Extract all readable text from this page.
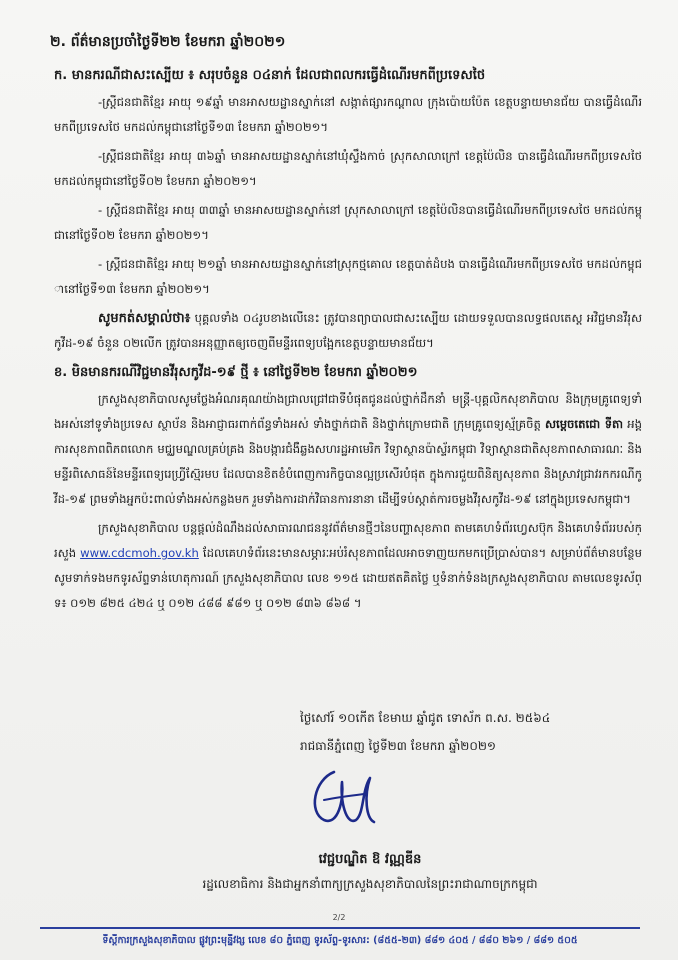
២. ព័ត៌មានប្រចាំថ្ងៃទី២២ ខែមករា ឆ្នាំ២០២១
ក. មានករណីជាសះស្បើយ ៖ សរុបចំនួន ០៤នាក់ ដែលជាពលករធ្វើដំណើរមកពីប្រទេសថៃ
-ស្ត្រីជនជាតិខ្មែរ អាយុ ១៩ឆ្នាំ មានអាសយដ្ឋានស្នាក់នៅ សង្កាត់ផ្សារកណ្តាល ក្រុងប៉ោយប៉ែត ខេត្តបន្ទាយមានជ័យ បានធ្វើដំណើរមកពីប្រទេសថៃ មកដល់កម្ពុជានៅថ្ងៃទី១៣ ខែមករា ឆ្នាំ២០២១។
-ស្ត្រីជនជាតិខ្មែរ អាយុ ៣៦ឆ្នាំ មានអាសយដ្ឋានស្នាក់នៅឃុំស្ទឹងកាច់ ស្រុកសាលាក្រៅ ខេត្តប៉ៃលិន បានធ្វើដំណើរមកពីប្រទេសថៃ មកដល់កម្ពុជានៅថ្ងៃទី០២ ខែមករា ឆ្នាំ២០២១។
- ស្ត្រីជនជាតិខ្មែរ អាយុ ៣៣ឆ្នាំ មានអាសយដ្ឋានស្នាក់នៅ ស្រុកសាលាក្រៅ ខេត្តប៉ៃលិនបានធ្វើដំណើរមកពីប្រទេសថៃ មកដល់កម្ពុជានៅថ្ងៃទី០២ ខែមករា ឆ្នាំ២០២១។
- ស្ត្រីជនជាតិខ្មែរ អាយុ ២១ឆ្នាំ មានអាសយដ្ឋានស្នាក់នៅស្រុកថ្មគោល ខេត្តបាត់ដំបង បានធ្វើដំណើរមកពីប្រទេសថៃ មកដល់កម្ពុជានៅថ្ងៃទី១៣ ខែមករា ឆ្នាំ២០២១។
សូមកត់សម្គាល់ថា៖ បុគ្គលទាំង ០៤រូបខាងលើនេះ ត្រូវបានព្យាបាលជាសះស្បើយ ដោយទទួលបានលទ្ធផលតេស្ត អវិជ្ជមានវីរុសកូវីដ-១៩ ចំនួន ០២លើក ត្រូវបានអនុញ្ញាតឲ្យចេញពីមន្ទីរពេទ្យបង្អែកខេត្តបន្ទាយមានជ័យ។
ខ. មិនមានករណីវិជ្ជមានវីរុសកូវីដ-១៩ ថ្មី ៖ នៅថ្ងៃទី២២ ខែមករា ឆ្នាំ២០២១
ក្រសួងសុខាភិបាលសូមថ្លែងអំណរគុណយ៉ាងជ្រាលជ្រៅជាទីបំផុតជូនដល់ថ្នាក់ដឹកនាំ មន្ត្រី-បុគ្គលិកសុខាភិបាល និងក្រុមគ្រូពេទ្យទាំងអស់នៅទូទាំងប្រទេស ស្ថាប័ន និងអាជ្ញាធរពាក់ព័ន្ធទាំងអស់ ទាំងថ្នាក់ជាតិ និងថ្នាក់ក្រោមជាតិ ក្រុមគ្រូពេទ្យស្ម័គ្រចិត្ត សម្តេចតេជោ ទីតា អង្គការសុខភាពពិភពលោក មជ្ឈមណ្ឌលគ្រប់គ្រង និងបង្ការជំងឺឆ្លងសហរដ្ឋអាមេរិក វិទ្យាស្ថានប៉ាស្ទ័រកម្ពុជា វិទ្យាស្ថានជាតិសុខភាពសាធារណៈ និងមន្ទីរពិសោធន៍នៃមន្ទីរពេទ្យរេហ្វ្រីស្ម៊ែរមប ដែលបានខិតខំបំពេញការកិច្ចបានល្អប្រសើរបំផុត ក្នុងការជួយពិនិត្យសុខភាព និងស្រាវជ្រាវរកករណីកូវីដ-១៩ ព្រមទាំងអ្នកប៉ះពាល់ទាំងអស់កន្លងមក រួមទាំងការដាក់វិធានការនានា ដើម្បីទប់ស្កាត់ការចម្លងវីរុសកូវីដ-១៩ នៅក្នុងប្រទេសកម្ពុជា។
ក្រសួងសុខាភិបាល បន្តផ្តល់ដំណឹងដល់សាធារណជននូវព័ត៌មានថ្មីៗនៃបញ្ហាសុខភាព តាមគេហទំព័រហ្វេសប៊ុក និងគេហទំព័ររបស់ក្រសួង www.cdcmoh.gov.kh ដែលគេហទំព័រនេះមានសម្ភារៈអប់រំសុខភាពដែលអាចទាញយកមកប្រើប្រាស់បាន។ សម្រាប់ព័ត៌មានបន្ថែម សូមទាក់ទងមកទូរស័ព្ទទាន់ហេតុការណ៍ ក្រសួងសុខាភិបាល លេខ ១១៥ ដោយឥតគិតថ្លៃ ឬទំនាក់ទំនងក្រសួងសុខាភិបាល តាមលេខទូរស័ព្ទ៖ ០១២ ៨២៥ ៤២៤ ឬ ០១២ ៤៨៨ ៩៨១ ឬ ០១២ ៨៣៦ ៨៦៨ ។
ថ្ងៃសៅរ៍ ១០កើត ខែមាឃ ឆ្នាំជូត ទោស័ក ព.ស. ២៥៦៤
រាជធានីភ្នំពេញ ថ្ងៃទី២៣ ខែមករា ឆ្នាំ២០២១
វេជ្ជបណ្ឌិត ឱ វណ្ណឌីន
រដ្ឋលេខាធិការ និងជាអ្នកនាំពាក្យក្រសួងសុខាភិបាលនៃព្រះរាជាណាចក្រកម្ពុជា
2/2
ទីស្តីការក្រសួងសុខាភិបាល ផ្លូវព្រះមុន្នីវង្ស លេខ ៨០ ភ្នំពេញ ទូរស័ព្ទ-ទូរសារ: (៨៥៥-២៣) ៨៨១ ៤០៥ / ៨៨០ ២៦១ / ៨៨១ ៥០៥
